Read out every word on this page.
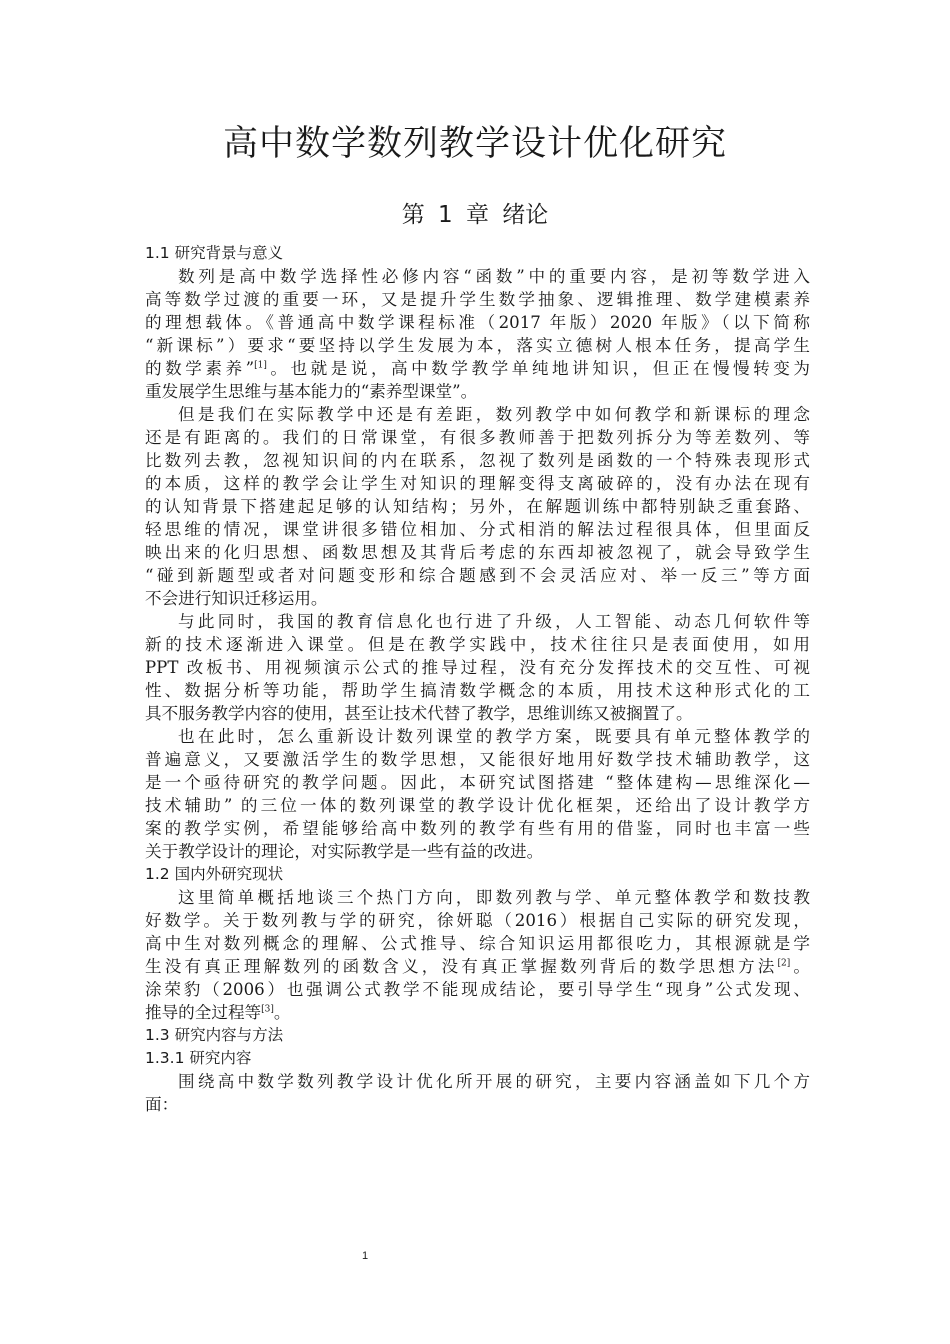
高中数学数列教学设计优化研究
第 1 章 绪论
1.1 研究背景与意义
数列是高中数学选择性必修内容“函数”中的重要内容，是初等数学进入
高等数学过渡的重要一环，又是提升学生数学抽象、逻辑推理、数学建模素养
的理想载体。《普通高中数学课程标准（2017 年版）2020 年版》（以下简称
“新课标”）要求“要坚持以学生发展为本，落实立德树人根本任务，提高学生
的数学素养”[1]。也就是说，高中数学教学单纯地讲知识，但正在慢慢转变为
重发展学生思维与基本能力的“素养型课堂”。
但是我们在实际教学中还是有差距，数列教学中如何教学和新课标的理念
还是有距离的。我们的日常课堂，有很多教师善于把数列拆分为等差数列、等
比数列去教，忽视知识间的内在联系，忽视了数列是函数的一个特殊表现形式
的本质，这样的教学会让学生对知识的理解变得支离破碎的，没有办法在现有
的认知背景下搭建起足够的认知结构；另外，在解题训练中都特别缺乏重套路、
轻思维的情况，课堂讲很多错位相加、分式相消的解法过程很具体，但里面反
映出来的化归思想、函数思想及其背后考虑的东西却被忽视了，就会导致学生
“碰到新题型或者对问题变形和综合题感到不会灵活应对、举一反三”等方面
不会进行知识迁移运用。
与此同时，我国的教育信息化也行进了升级，人工智能、动态几何软件等
新的技术逐渐进入课堂。但是在教学实践中，技术往往只是表面使用，如用
PPT 改板书、用视频演示公式的推导过程，没有充分发挥技术的交互性、可视
性、数据分析等功能，帮助学生搞清数学概念的本质，用技术这种形式化的工
具不服务教学内容的使用，甚至让技术代替了教学，思维训练又被搁置了。
也在此时，怎么重新设计数列课堂的教学方案，既要具有单元整体教学的
普遍意义，又要激活学生的数学思想，又能很好地用好数学技术辅助教学，这
是一个亟待研究的教学问题。因此，本研究试图搭建 “整体建构—思维深化—
技术辅助” 的三位一体的数列课堂的教学设计优化框架，还给出了设计教学方
案的教学实例，希望能够给高中数列的教学有些有用的借鉴，同时也丰富一些
关于教学设计的理论，对实际教学是一些有益的改进。
1.2 国内外研究现状
这里简单概括地谈三个热门方向，即数列教与学、单元整体教学和数技教
好数学。关于数列教与学的研究，徐妍聪（2016）根据自己实际的研究发现，
高中生对数列概念的理解、公式推导、综合知识运用都很吃力，其根源就是学
生没有真正理解数列的函数含义，没有真正掌握数列背后的数学思想方法[2]。
涂荣豹（2006）也强调公式教学不能现成结论，要引导学生“现身”公式发现、
推导的全过程等[3]。
1.3 研究内容与方法
1.3.1 研究内容
围绕高中数学数列教学设计优化所开展的研究，主要内容涵盖如下几个方
面：
1
